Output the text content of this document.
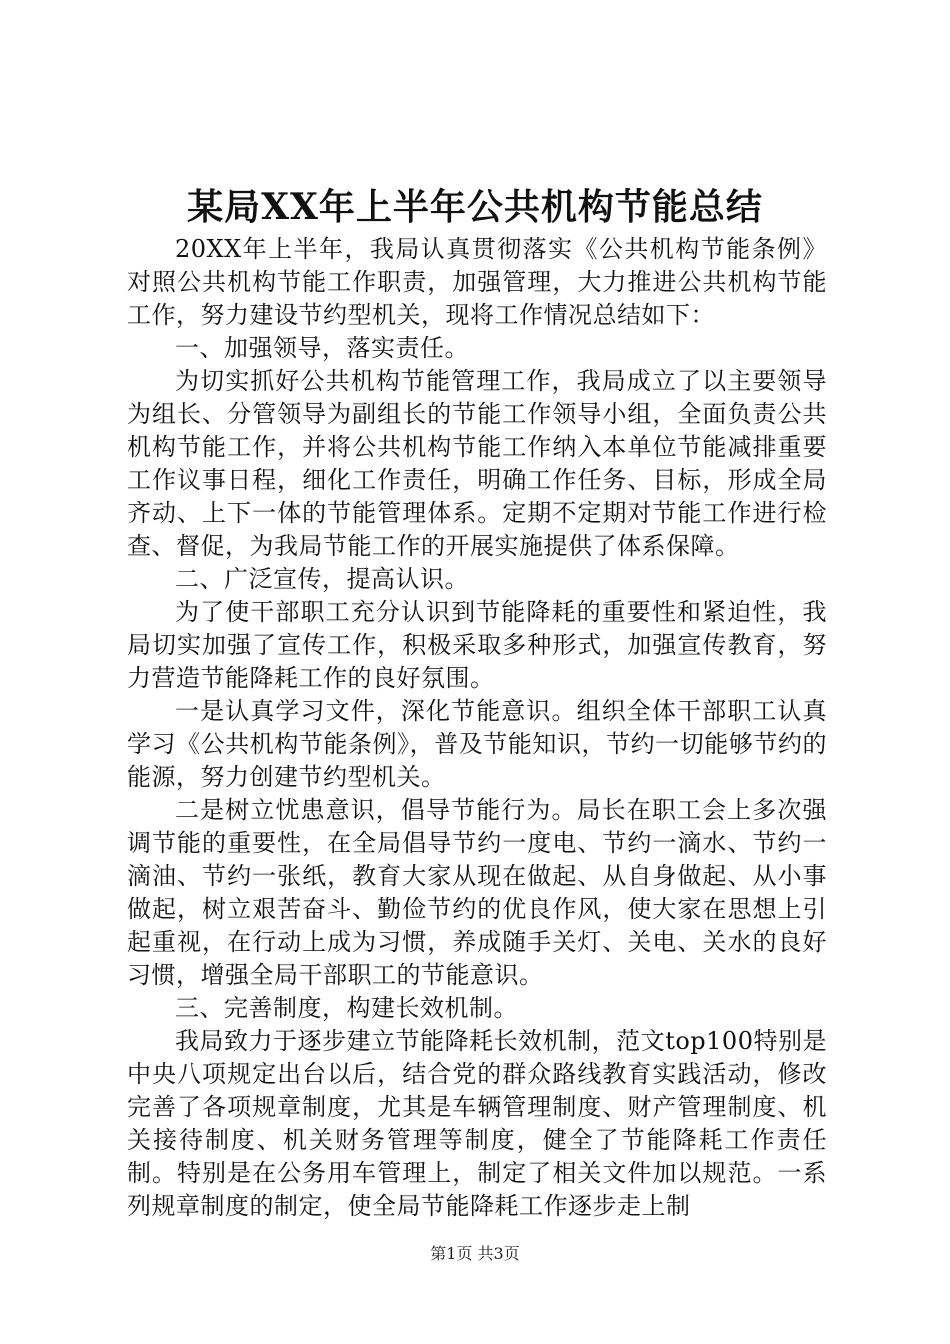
某局XX年上半年公共机构节能总结

20XX年上半年，我局认真贯彻落实《公共机构节能条例》对照公共机构节能工作职责，加强管理，大力推进公共机构节能工作，努力建设节约型机关，现将工作情况总结如下：

一、加强领导，落实责任。

为切实抓好公共机构节能管理工作，我局成立了以主要领导为组长、分管领导为副组长的节能工作领导小组，全面负责公共机构节能工作，并将公共机构节能工作纳入本单位节能减排重要工作议事日程，细化工作责任，明确工作任务、目标，形成全局齐动、上下一体的节能管理体系。定期不定期对节能工作进行检查、督促，为我局节能工作的开展实施提供了体系保障。

二、广泛宣传，提高认识。

为了使干部职工充分认识到节能降耗的重要性和紧迫性，我局切实加强了宣传工作，积极采取多种形式，加强宣传教育，努力营造节能降耗工作的良好氛围。

一是认真学习文件，深化节能意识。组织全体干部职工认真学习《公共机构节能条例》，普及节能知识，节约一切能够节约的能源，努力创建节约型机关。

二是树立忧患意识，倡导节能行为。局长在职工会上多次强调节能的重要性，在全局倡导节约一度电、节约一滴水、节约一滴油、节约一张纸，教育大家从现在做起、从自身做起、从小事做起，树立艰苦奋斗、勤俭节约的优良作风，使大家在思想上引起重视，在行动上成为习惯，养成随手关灯、关电、关水的良好习惯，增强全局干部职工的节能意识。

三、完善制度，构建长效机制。

我局致力于逐步建立节能降耗长效机制，范文top100特别是中央八项规定出台以后，结合党的群众路线教育实践活动，修改完善了各项规章制度，尤其是车辆管理制度、财产管理制度、机关接待制度、机关财务管理等制度，健全了节能降耗工作责任制。特别是在公务用车管理上，制定了相关文件加以规范。一系列规章制度的制定，使全局节能降耗工作逐步走上制

第1页 共3页
